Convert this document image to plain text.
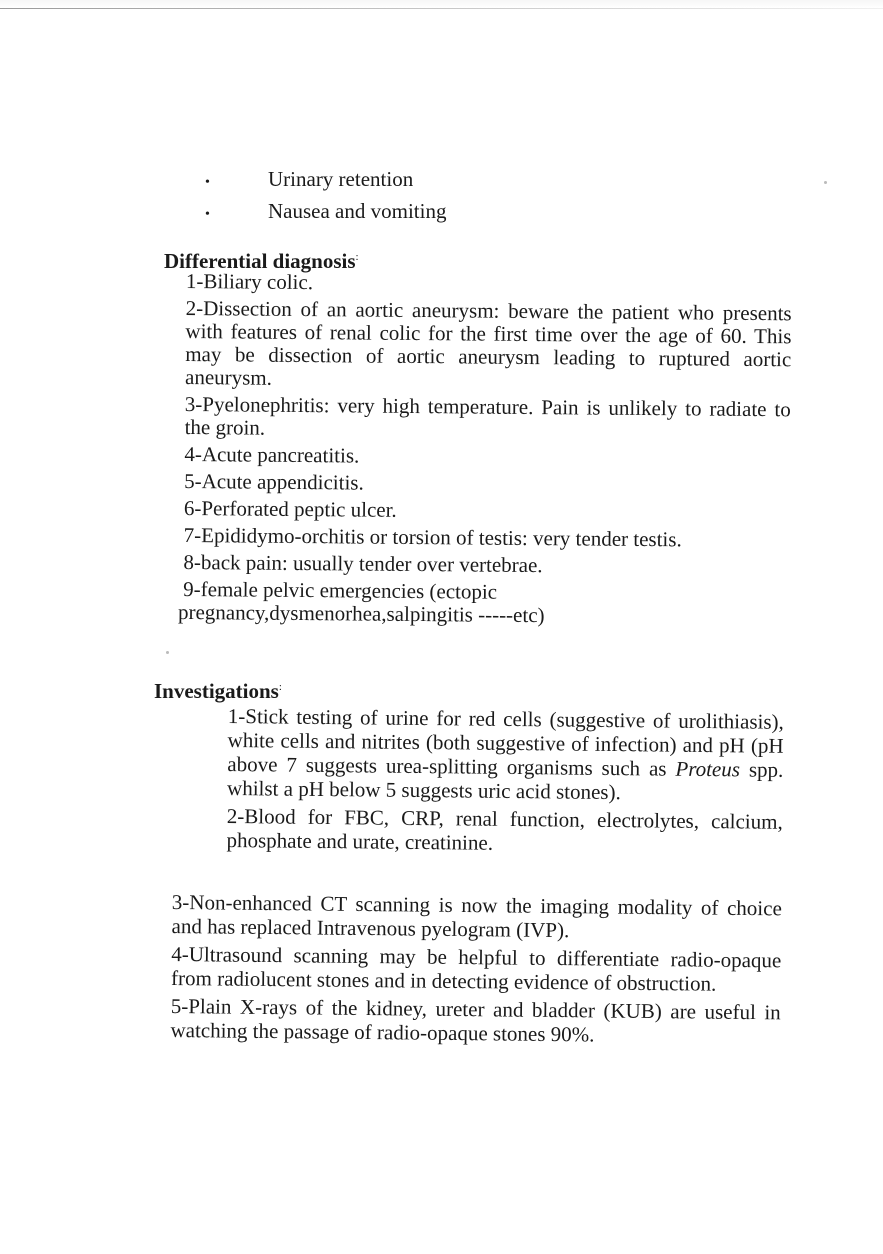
•	Urinary retention
•	Nausea and vomiting
Differential diagnosis:

1-Biliary colic.

2-Dissection of an aortic aneurysm: beware the patient who presents with features of renal colic for the first time over the age of 60. This may be dissection of aortic aneurysm leading to ruptured aortic aneurysm.

3-Pyelonephritis: very high temperature. Pain is unlikely to radiate to the groin.

4-Acute pancreatitis.

5-Acute appendicitis.

6-Perforated peptic ulcer.

7-Epididymo-orchitis or torsion of testis: very tender testis.

8-back pain: usually tender over vertebrae.

9-female pelvic emergencies (ectopic

pregnancy,dysmenorhea,salpingitis -----etc)

Investigations:

1-Stick testing of urine for red cells (suggestive of urolithiasis), white cells and nitrites (both suggestive of infection) and pH (pH above 7 suggests urea-splitting organisms such as Proteus spp. whilst a pH below 5 suggests uric acid stones).

2-Blood for FBC, CRP, renal function, electrolytes, calcium, phosphate and urate, creatinine.

3-Non-enhanced CT scanning is now the imaging modality of choice and has replaced Intravenous pyelogram (IVP).

4-Ultrasound scanning may be helpful to differentiate radio-opaque from radiolucent stones and in detecting evidence of obstruction.

5-Plain X-rays of the kidney, ureter and bladder (KUB) are useful in watching the passage of radio-opaque stones 90%.
